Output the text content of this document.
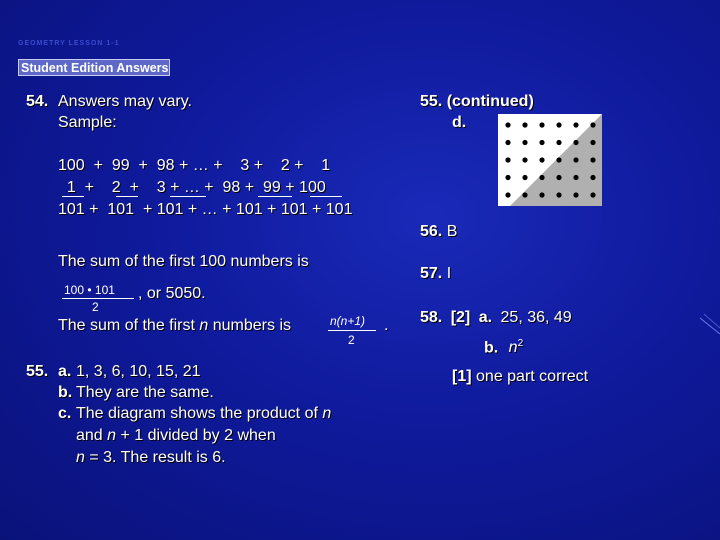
GEOMETRY LESSON 1-1
Student Edition Answers
54. Answers may vary.
Sample:
100  +  99  +  98 + … +    3 +    2 +    1
1  +    2  +    3 + … +  98 +  99 + 100
101 +  101  + 101 + … + 101 + 101 + 101
The sum of the first 100 numbers is
100 • 101
2
, or 5050.
The sum of the first n numbers is	n(n+1)
2
.
55. a. 1, 3, 6, 10, 15, 21
b. They are the same.
c. The diagram shows the product of n
and n + 1 divided by 2 when
n = 3. The result is 6.
55. (continued)
d.
56. B
57. I
58. [2] a. 25, 36, 49
b. $n^2$
[1] one part correct
